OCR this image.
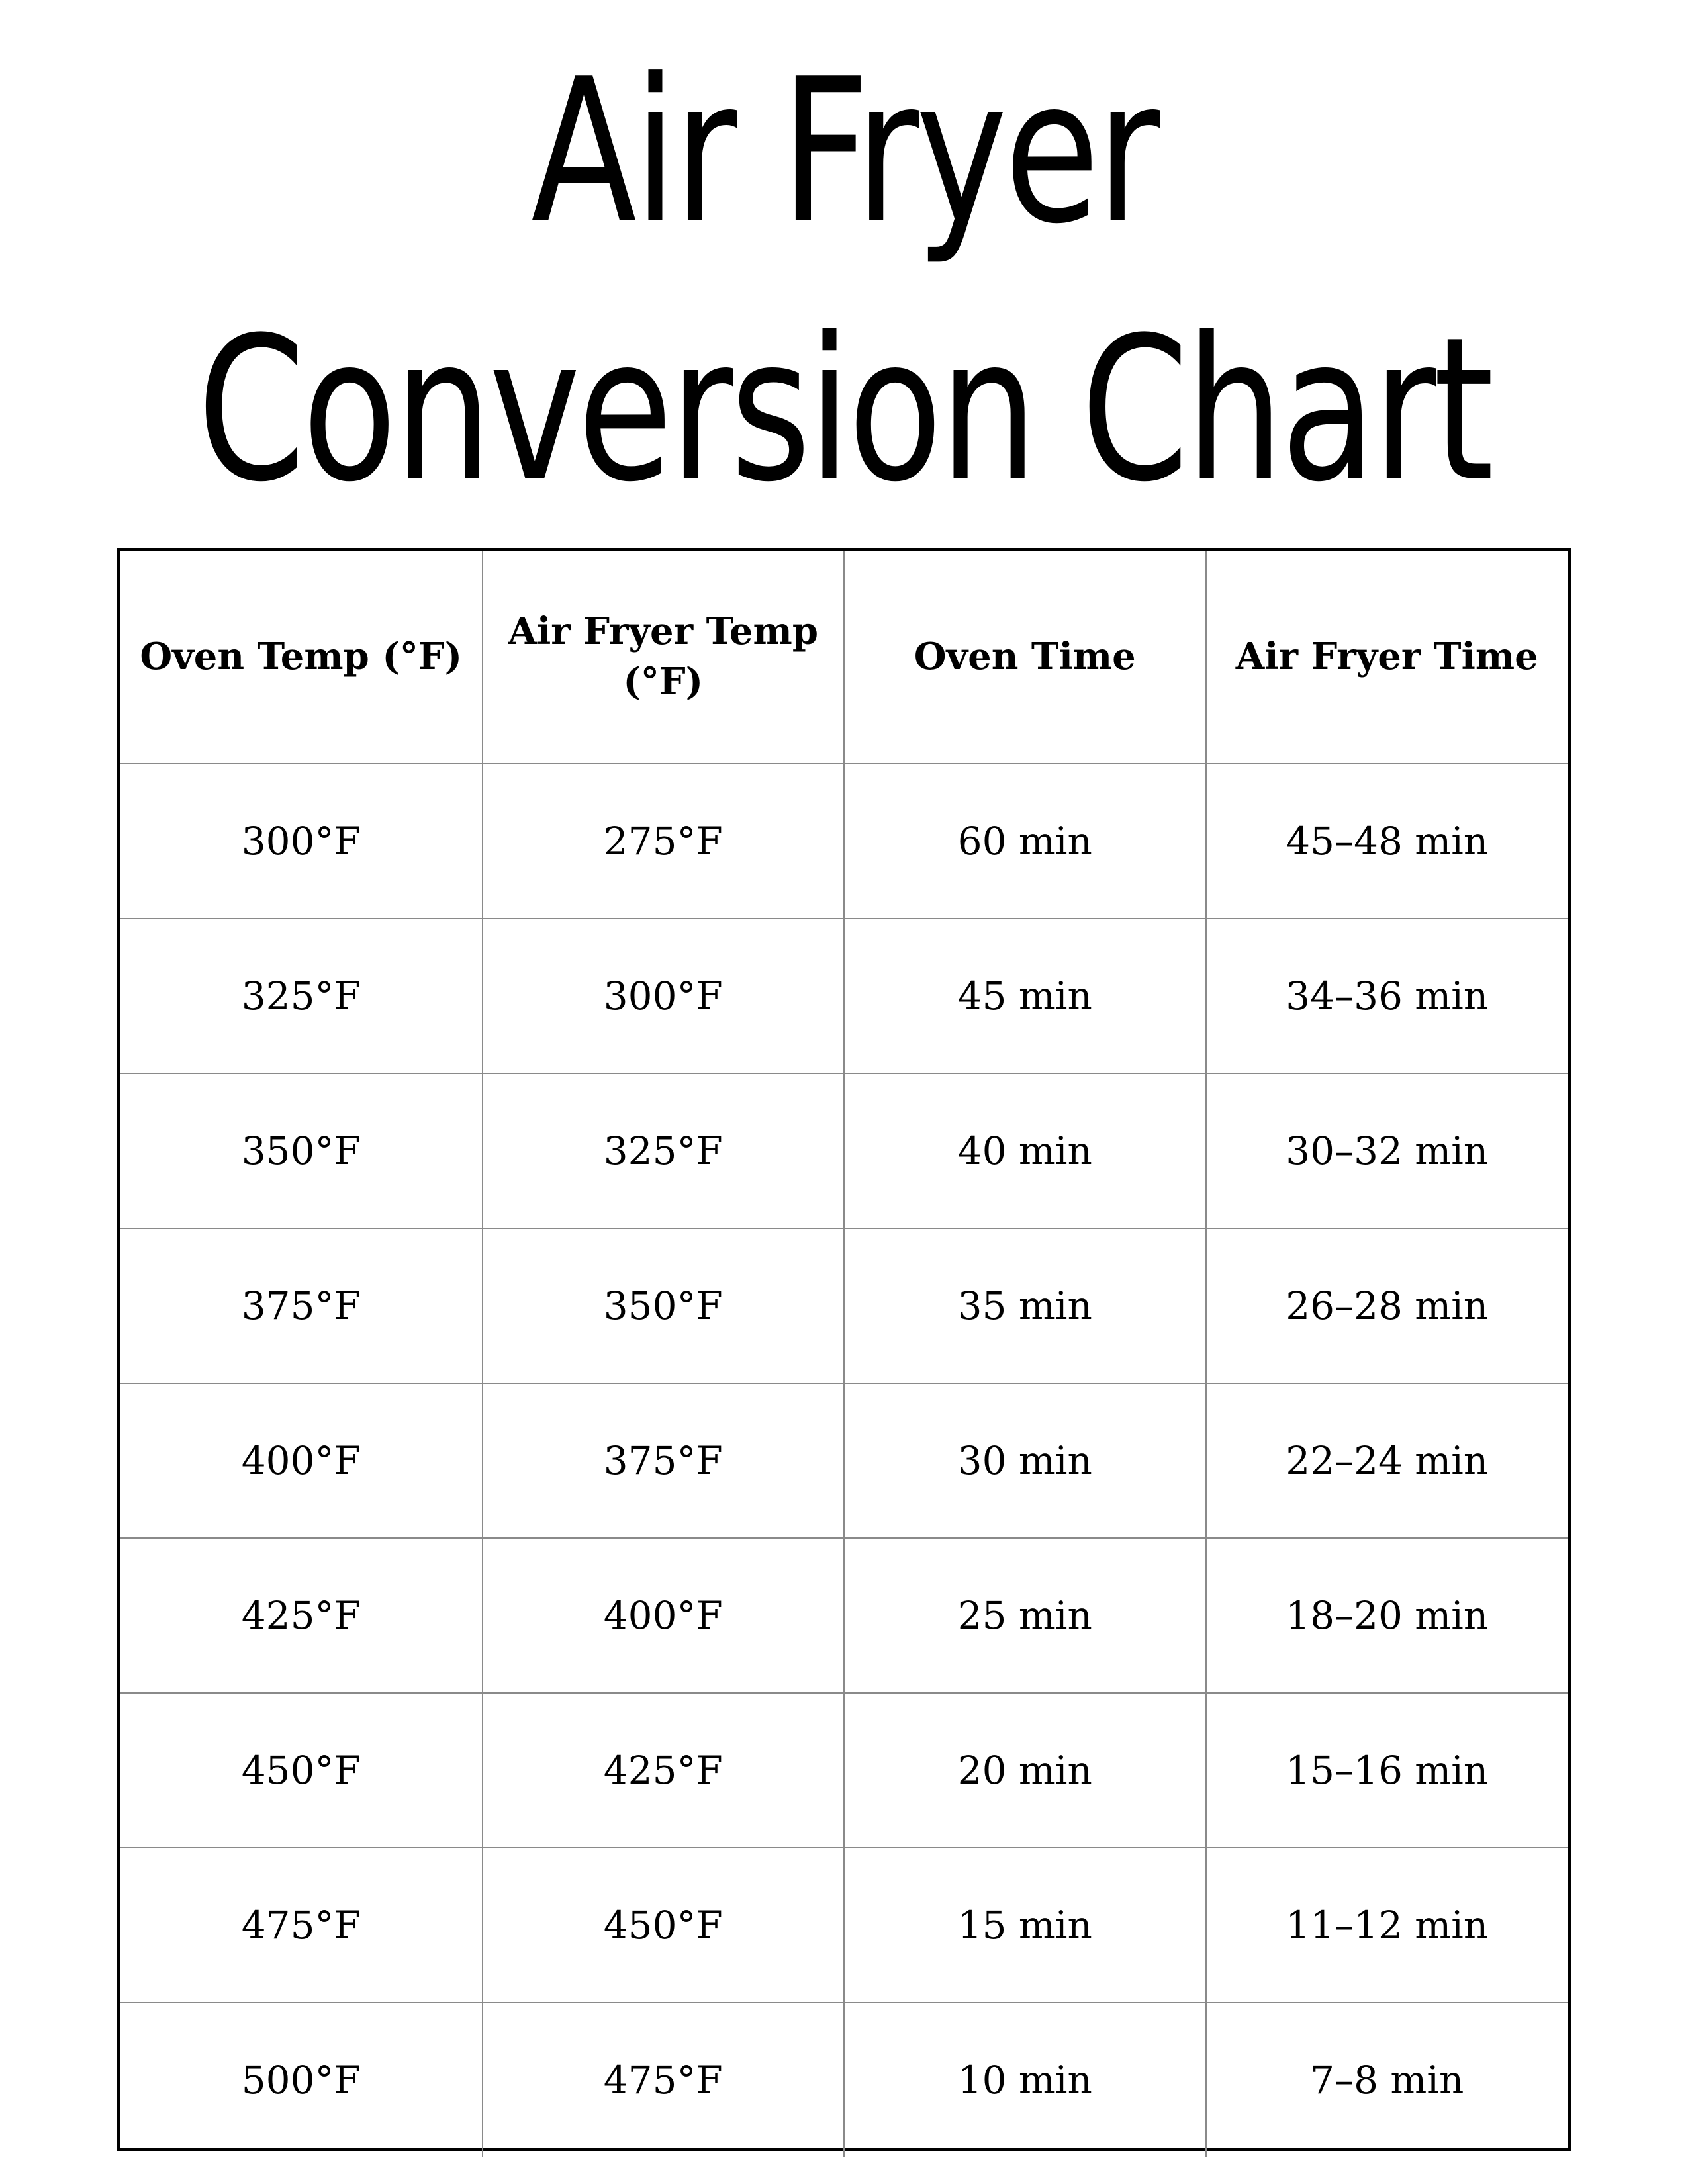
Air Fryer
Conversion Chart
Oven Temp (°F)	Air Fryer Temp (°F)	Oven Time	Air Fryer Time
300°F	275°F	60 min	45–48 min
325°F	300°F	45 min	34–36 min
350°F	325°F	40 min	30–32 min
375°F	350°F	35 min	26–28 min
400°F	375°F	30 min	22–24 min
425°F	400°F	25 min	18–20 min
450°F	425°F	20 min	15–16 min
475°F	450°F	15 min	11–12 min
500°F	475°F	10 min	7–8 min
